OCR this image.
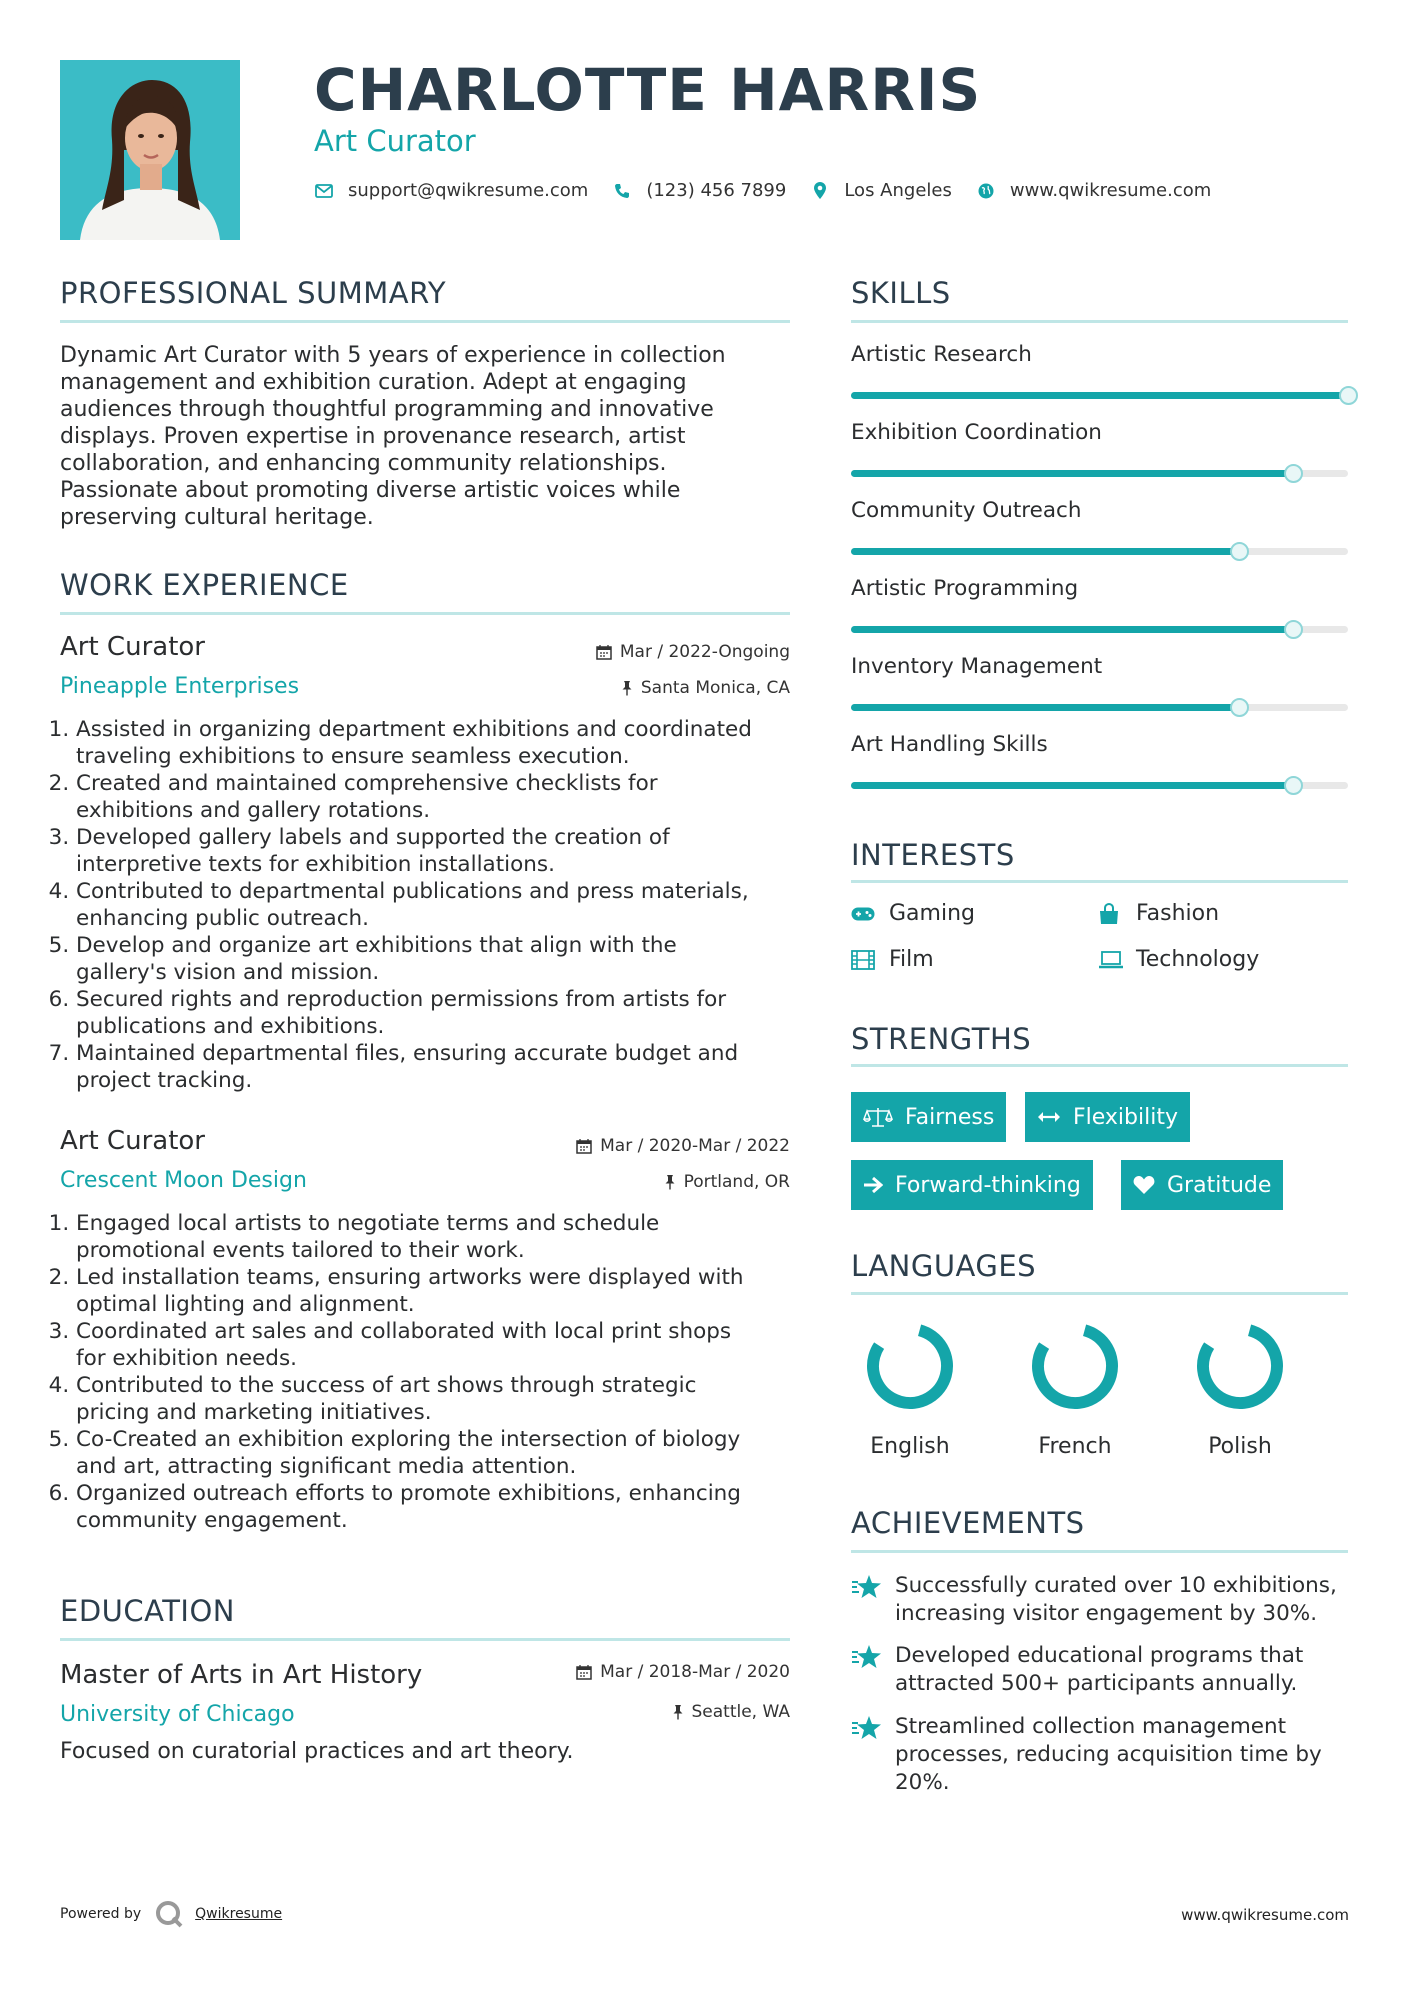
CHARLOTTE HARRIS
Art Curator
support@qwikresume.com	(123) 456 7899	Los Angeles	www.qwikresume.com
PROFESSIONAL SUMMARY
Dynamic Art Curator with 5 years of experience in collection
management and exhibition curation. Adept at engaging
audiences through thoughtful programming and innovative
displays. Proven expertise in provenance research, artist
collaboration, and enhancing community relationships.
Passionate about promoting diverse artistic voices while
preserving cultural heritage.
WORK EXPERIENCE
Art Curator	Mar / 2022-Ongoing
Pineapple Enterprises	Santa Monica, CA
1. Assisted in organizing department exhibitions and coordinated
traveling exhibitions to ensure seamless execution.
2. Created and maintained comprehensive checklists for
exhibitions and gallery rotations.
3. Developed gallery labels and supported the creation of
interpretive texts for exhibition installations.
4. Contributed to departmental publications and press materials,
enhancing public outreach.
5. Develop and organize art exhibitions that align with the
gallery's vision and mission.
6. Secured rights and reproduction permissions from artists for
publications and exhibitions.
7. Maintained departmental files, ensuring accurate budget and
project tracking.
Art Curator	Mar / 2020-Mar / 2022
Crescent Moon Design	Portland, OR
1. Engaged local artists to negotiate terms and schedule
promotional events tailored to their work.
2. Led installation teams, ensuring artworks were displayed with
optimal lighting and alignment.
3. Coordinated art sales and collaborated with local print shops
for exhibition needs.
4. Contributed to the success of art shows through strategic
pricing and marketing initiatives.
5. Co-Created an exhibition exploring the intersection of biology
and art, attracting significant media attention.
6. Organized outreach efforts to promote exhibitions, enhancing
community engagement.
EDUCATION
Master of Arts in Art History	Mar / 2018-Mar / 2020
University of Chicago	Seattle, WA
Focused on curatorial practices and art theory.
SKILLS
Artistic Research
Exhibition Coordination
Community Outreach
Artistic Programming
Inventory Management
Art Handling Skills
INTERESTS
Gaming	Fashion
Film	Technology
STRENGTHS
Fairness	Flexibility
Forward-thinking	Gratitude
LANGUAGES
English	French	Polish
ACHIEVEMENTS
Successfully curated over 10 exhibitions,
increasing visitor engagement by 30%.
Developed educational programs that
attracted 500+ participants annually.
Streamlined collection management
processes, reducing acquisition time by
20%.
Powered by	Qwikresume	www.qwikresume.com
